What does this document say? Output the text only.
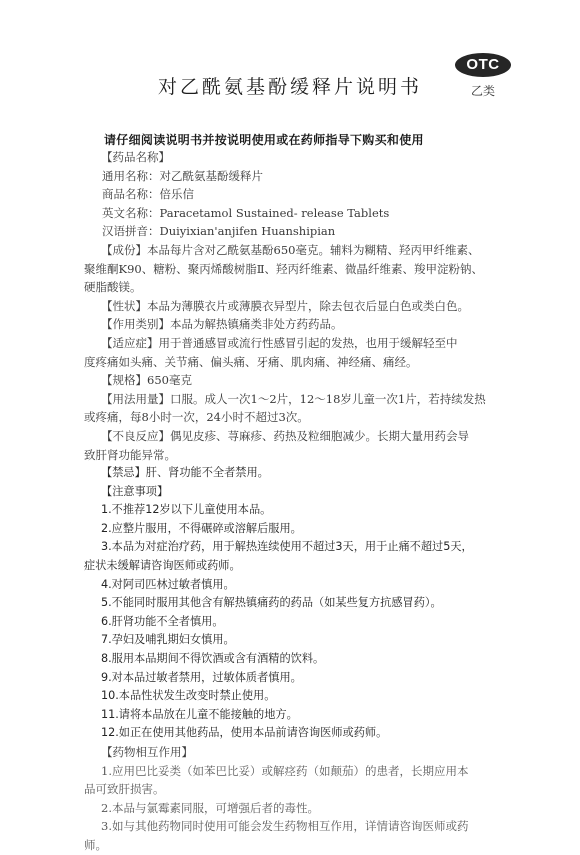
对乙酰氨基酚缓释片说明书
OTC
乙类
请仔细阅读说明书并按说明使用或在药师指导下购买和使用
【药品名称】
通用名称：对乙酰氨基酚缓释片
商品名称：倍乐信
英文名称：Paracetamol Sustained- release Tablets
汉语拼音：Duiyixian'anjifen Huanshipian
【成份】本品每片含对乙酰氨基酚650毫克。辅料为糊精、羟丙甲纤维素、
聚维酮K90、糖粉、聚丙烯酸树脂Ⅱ、羟丙纤维素、微晶纤维素、羧甲淀粉钠、
硬脂酸镁。
【性状】本品为薄膜衣片或薄膜衣异型片，除去包衣后显白色或类白色。
【作用类别】本品为解热镇痛类非处方药药品。
【适应症】用于普通感冒或流行性感冒引起的发热，也用于缓解轻至中
度疼痛如头痛、关节痛、偏头痛、牙痛、肌肉痛、神经痛、痛经。
【规格】650毫克
【用法用量】口服。成人一次1～2片，12～18岁儿童一次1片，若持续发热
或疼痛，每8小时一次，24小时不超过3次。
【不良反应】偶见皮疹、荨麻疹、药热及粒细胞减少。长期大量用药会导
致肝肾功能异常。
【禁忌】肝、肾功能不全者禁用。
【注意事项】
1.不推荐12岁以下儿童使用本品。
2.应整片服用，不得碾碎或溶解后服用。
3.本品为对症治疗药，用于解热连续使用不超过3天，用于止痛不超过5天，
症状未缓解请咨询医师或药师。
4.对阿司匹林过敏者慎用。
5.不能同时服用其他含有解热镇痛药的药品（如某些复方抗感冒药）。
6.肝肾功能不全者慎用。
7.孕妇及哺乳期妇女慎用。
8.服用本品期间不得饮酒或含有酒精的饮料。
9.对本品过敏者禁用，过敏体质者慎用。
10.本品性状发生改变时禁止使用。
11.请将本品放在儿童不能接触的地方。
12.如正在使用其他药品，使用本品前请咨询医师或药师。
【药物相互作用】
1.应用巴比妥类（如苯巴比妥）或解痉药（如颠茄）的患者，长期应用本
品可致肝损害。
2.本品与氯霉素同服，可增强后者的毒性。
3.如与其他药物同时使用可能会发生药物相互作用，详情请咨询医师或药
师。
